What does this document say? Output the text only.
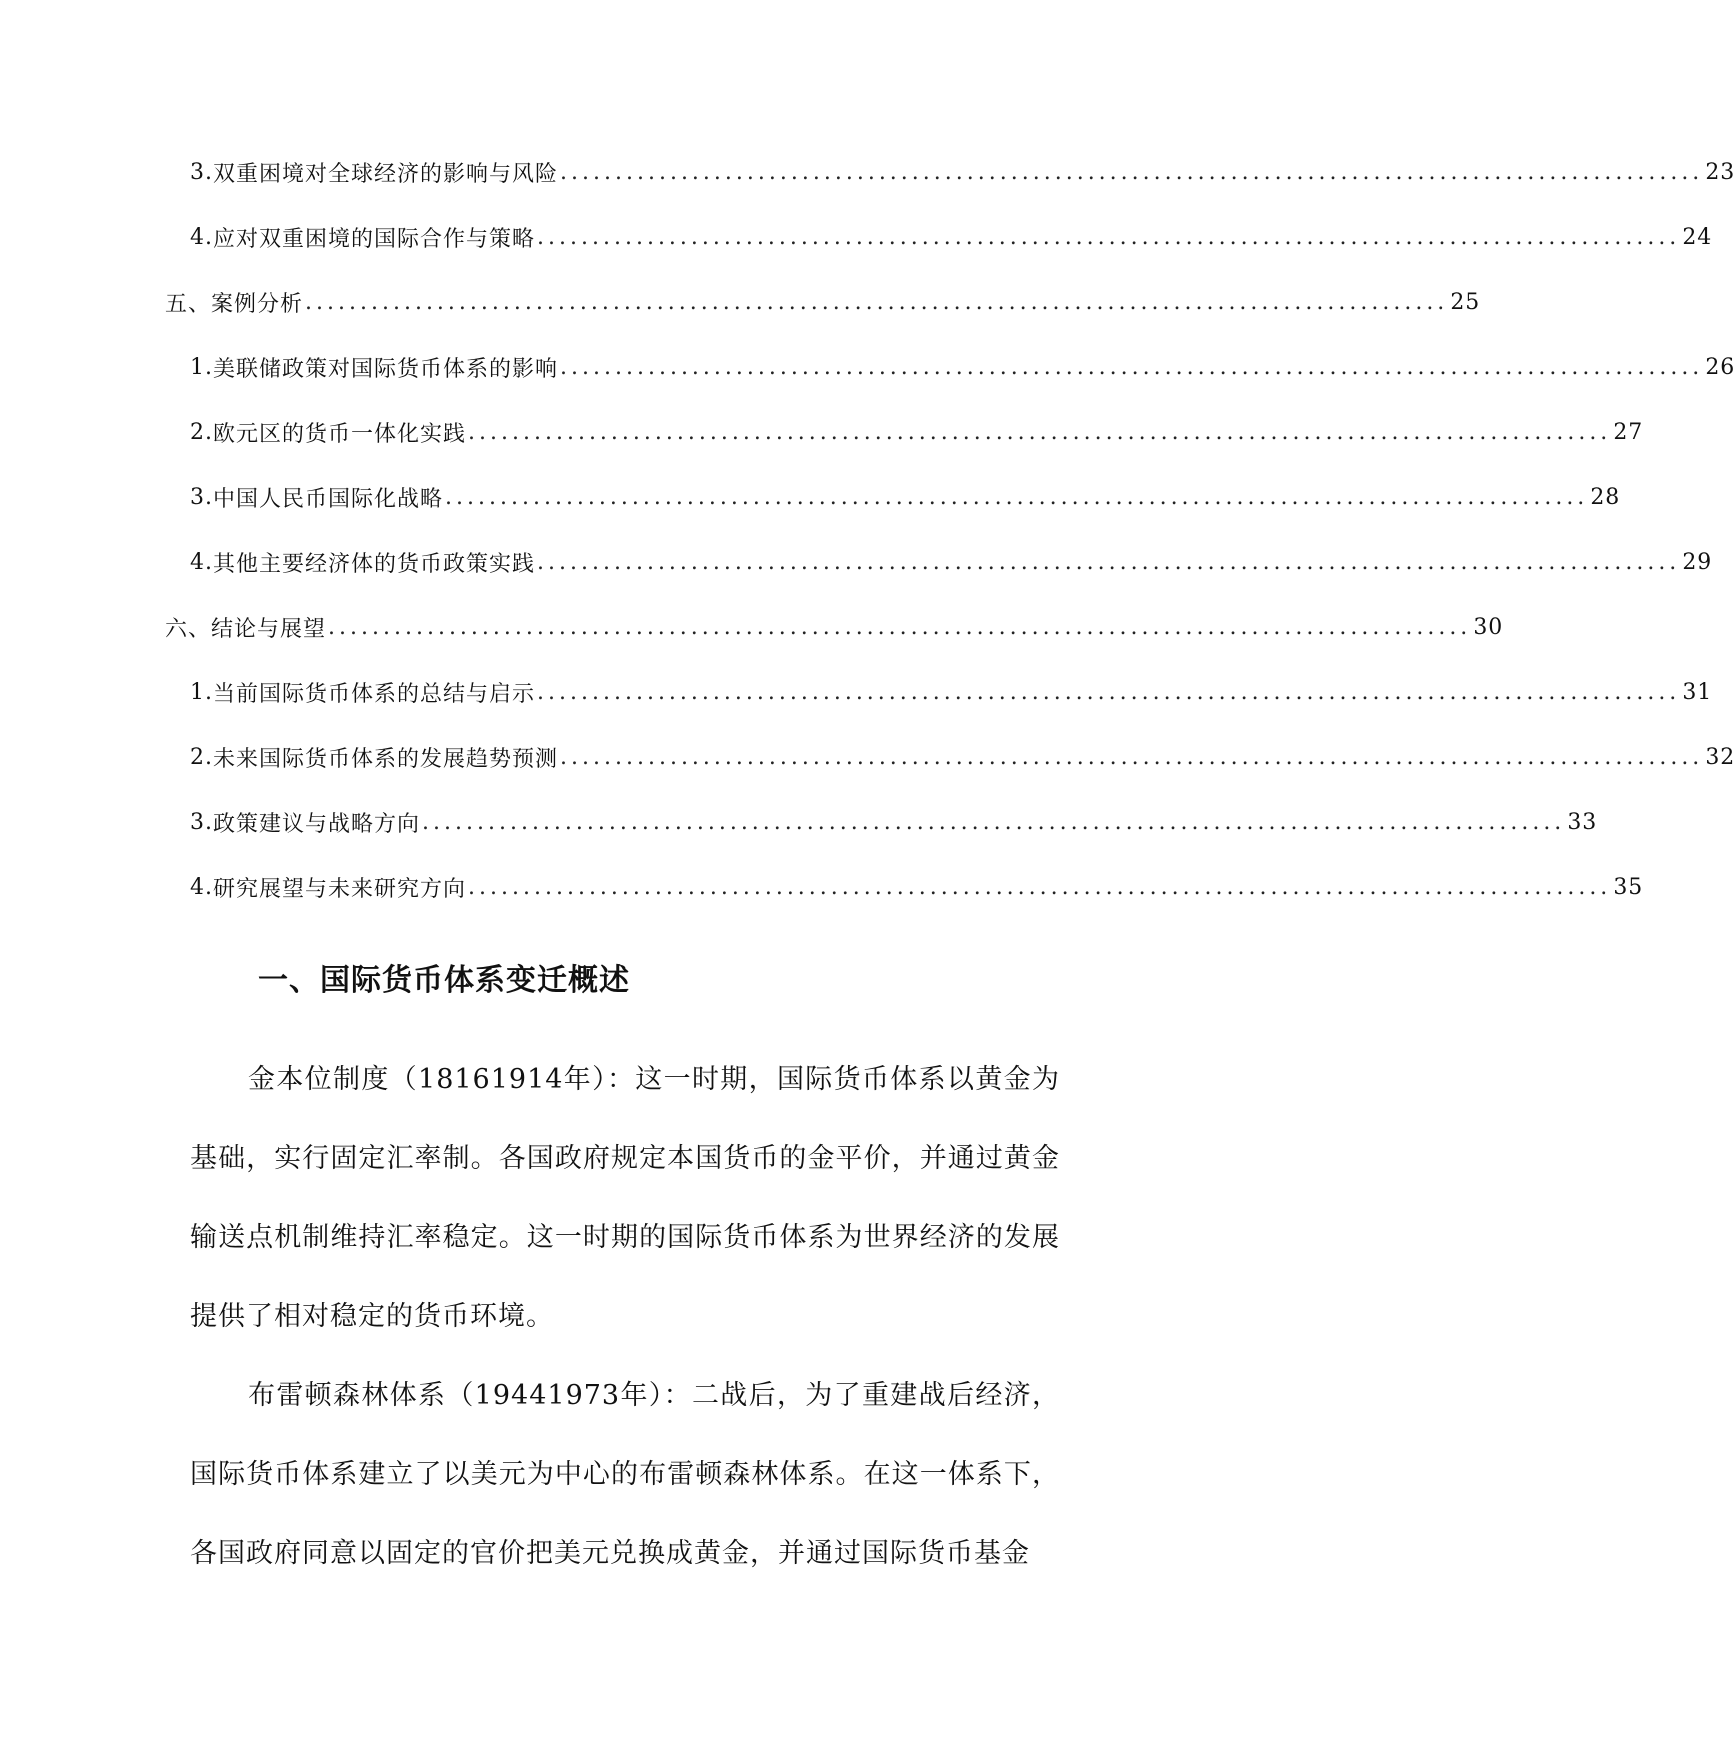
3. 双重困境对全球经济的影响与风险 ........................................................................................................ 23
4. 应对双重困境的国际合作与策略 ........................................................................................................ 24
五、案例分析 ........................................................................................................ 25
1. 美联储政策对国际货币体系的影响 ........................................................................................................ 26
2. 欧元区的货币一体化实践 ........................................................................................................ 27
3. 中国人民币国际化战略 ........................................................................................................ 28
4. 其他主要经济体的货币政策实践 ........................................................................................................ 29
六、结论与展望 ........................................................................................................ 30
1. 当前国际货币体系的总结与启示 ........................................................................................................ 31
2. 未来国际货币体系的发展趋势预测 ........................................................................................................ 32
3. 政策建议与战略方向 ........................................................................................................ 33
4. 研究展望与未来研究方向 ........................................................................................................ 35
一、国际货币体系变迁概述

金本位制度（18161914年）：这一时期，国际货币体系以黄金为基础，实行固定汇率制。各国政府规定本国货币的金平价，并通过黄金输送点机制维持汇率稳定。这一时期的国际货币体系为世界经济的发展提供了相对稳定的货币环境。

布雷顿森林体系（19441973年）：二战后，为了重建战后经济，国际货币体系建立了以美元为中心的布雷顿森林体系。在这一体系下，各国政府同意以固定的官价把美元兑换成黄金，并通过国际货币基金
